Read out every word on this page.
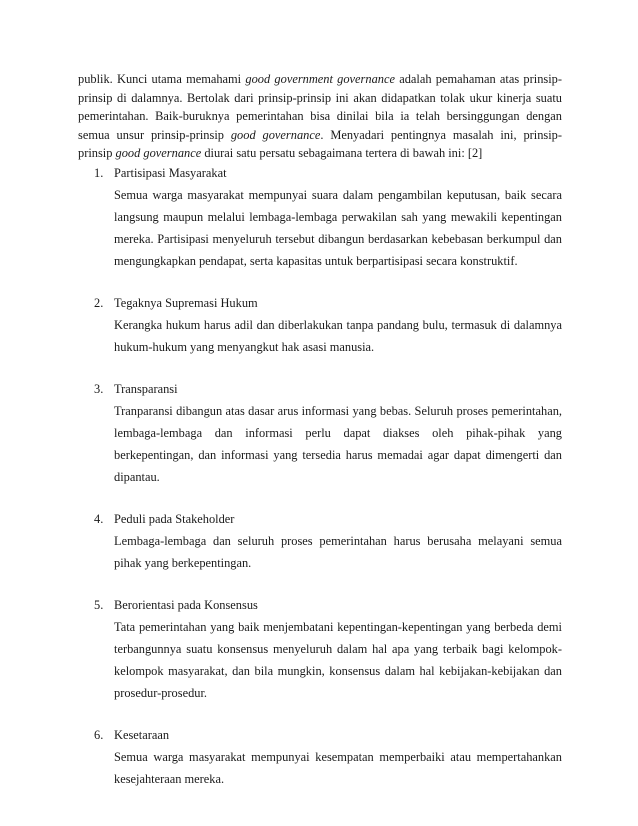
publik. Kunci utama memahami good government governance adalah pemahaman atas prinsip-prinsip di dalamnya. Bertolak dari prinsip-prinsip ini akan didapatkan tolak ukur kinerja suatu pemerintahan. Baik-buruknya pemerintahan bisa dinilai bila ia telah bersinggungan dengan semua unsur prinsip-prinsip good governance. Menyadari pentingnya masalah ini, prinsip-prinsip good governance diurai satu persatu sebagaimana tertera di bawah ini: [2]

1. Partisipasi Masyarakat
Semua warga masyarakat mempunyai suara dalam pengambilan keputusan, baik secara langsung maupun melalui lembaga-lembaga perwakilan sah yang mewakili kepentingan mereka. Partisipasi menyeluruh tersebut dibangun berdasarkan kebebasan berkumpul dan mengungkapkan pendapat, serta kapasitas untuk berpartisipasi secara konstruktif.
2. Tegaknya Supremasi Hukum
Kerangka hukum harus adil dan diberlakukan tanpa pandang bulu, termasuk di dalamnya hukum-hukum yang menyangkut hak asasi manusia.
3. Transparansi
Tranparansi dibangun atas dasar arus informasi yang bebas. Seluruh proses pemerintahan, lembaga-lembaga dan informasi perlu dapat diakses oleh pihak-pihak yang berkepentingan, dan informasi yang tersedia harus memadai agar dapat dimengerti dan dipantau.
4. Peduli pada Stakeholder
Lembaga-lembaga dan seluruh proses pemerintahan harus berusaha melayani semua pihak yang berkepentingan.
5. Berorientasi pada Konsensus
Tata pemerintahan yang baik menjembatani kepentingan-kepentingan yang berbeda demi terbangunnya suatu konsensus menyeluruh dalam hal apa yang terbaik bagi kelompok-kelompok masyarakat, dan bila mungkin, konsensus dalam hal kebijakan-kebijakan dan prosedur-prosedur.
6. Kesetaraan
Semua warga masyarakat mempunyai kesempatan memperbaiki atau mempertahankan kesejahteraan mereka.
